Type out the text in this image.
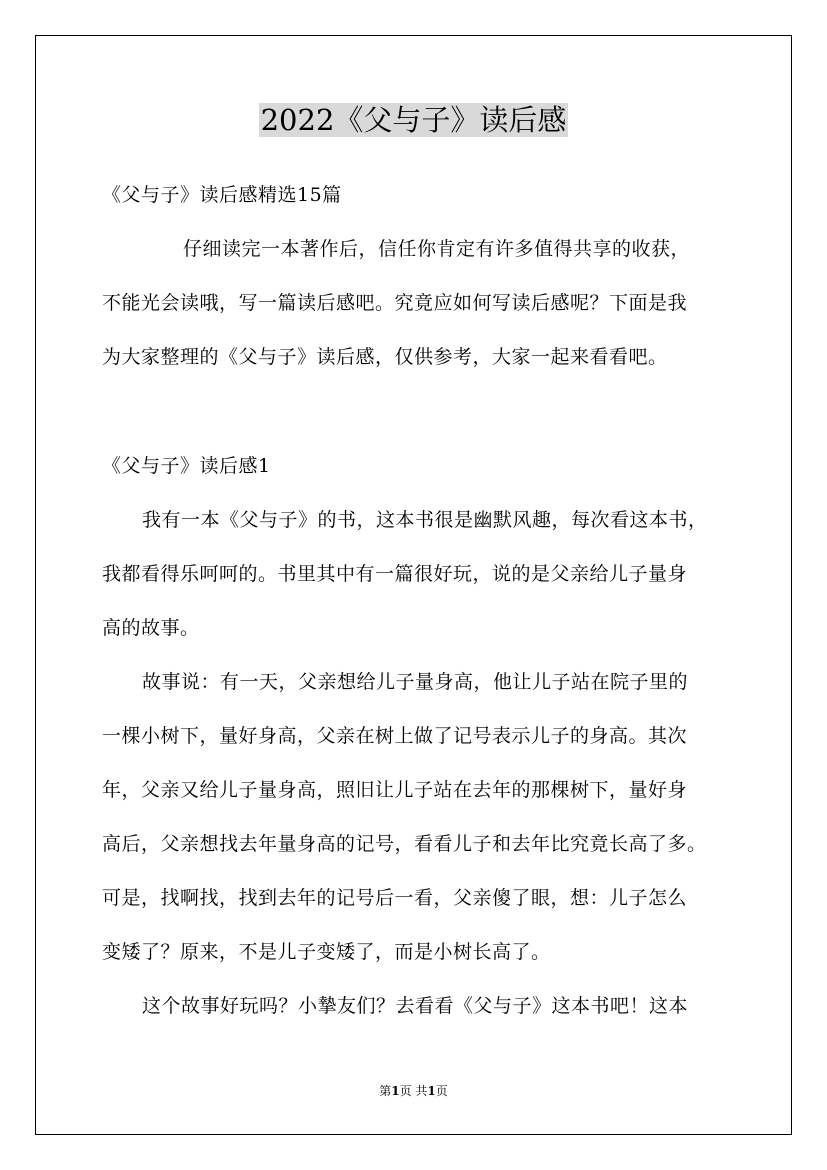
2022《父与子》读后感
《父与子》读后感精选15篇
仔细读完一本著作后，信任你肯定有许多值得共享的收获，
不能光会读哦，写一篇读后感吧。究竟应如何写读后感呢？下面是我
为大家整理的《父与子》读后感，仅供参考，大家一起来看看吧。
《父与子》读后感1
我有一本《父与子》的书，这本书很是幽默风趣，每次看这本书，
我都看得乐呵呵的。书里其中有一篇很好玩，说的是父亲给儿子量身
高的故事。
故事说：有一天，父亲想给儿子量身高，他让儿子站在院子里的
一棵小树下，量好身高，父亲在树上做了记号表示儿子的身高。其次
年，父亲又给儿子量身高，照旧让儿子站在去年的那棵树下，量好身
高后，父亲想找去年量身高的记号，看看儿子和去年比究竟长高了多。
可是，找啊找，找到去年的记号后一看，父亲傻了眼，想：儿子怎么
变矮了？原来，不是儿子变矮了，而是小树长高了。
这个故事好玩吗？小摯友们？去看看《父与子》这本书吧！这本
第1页 共1页
